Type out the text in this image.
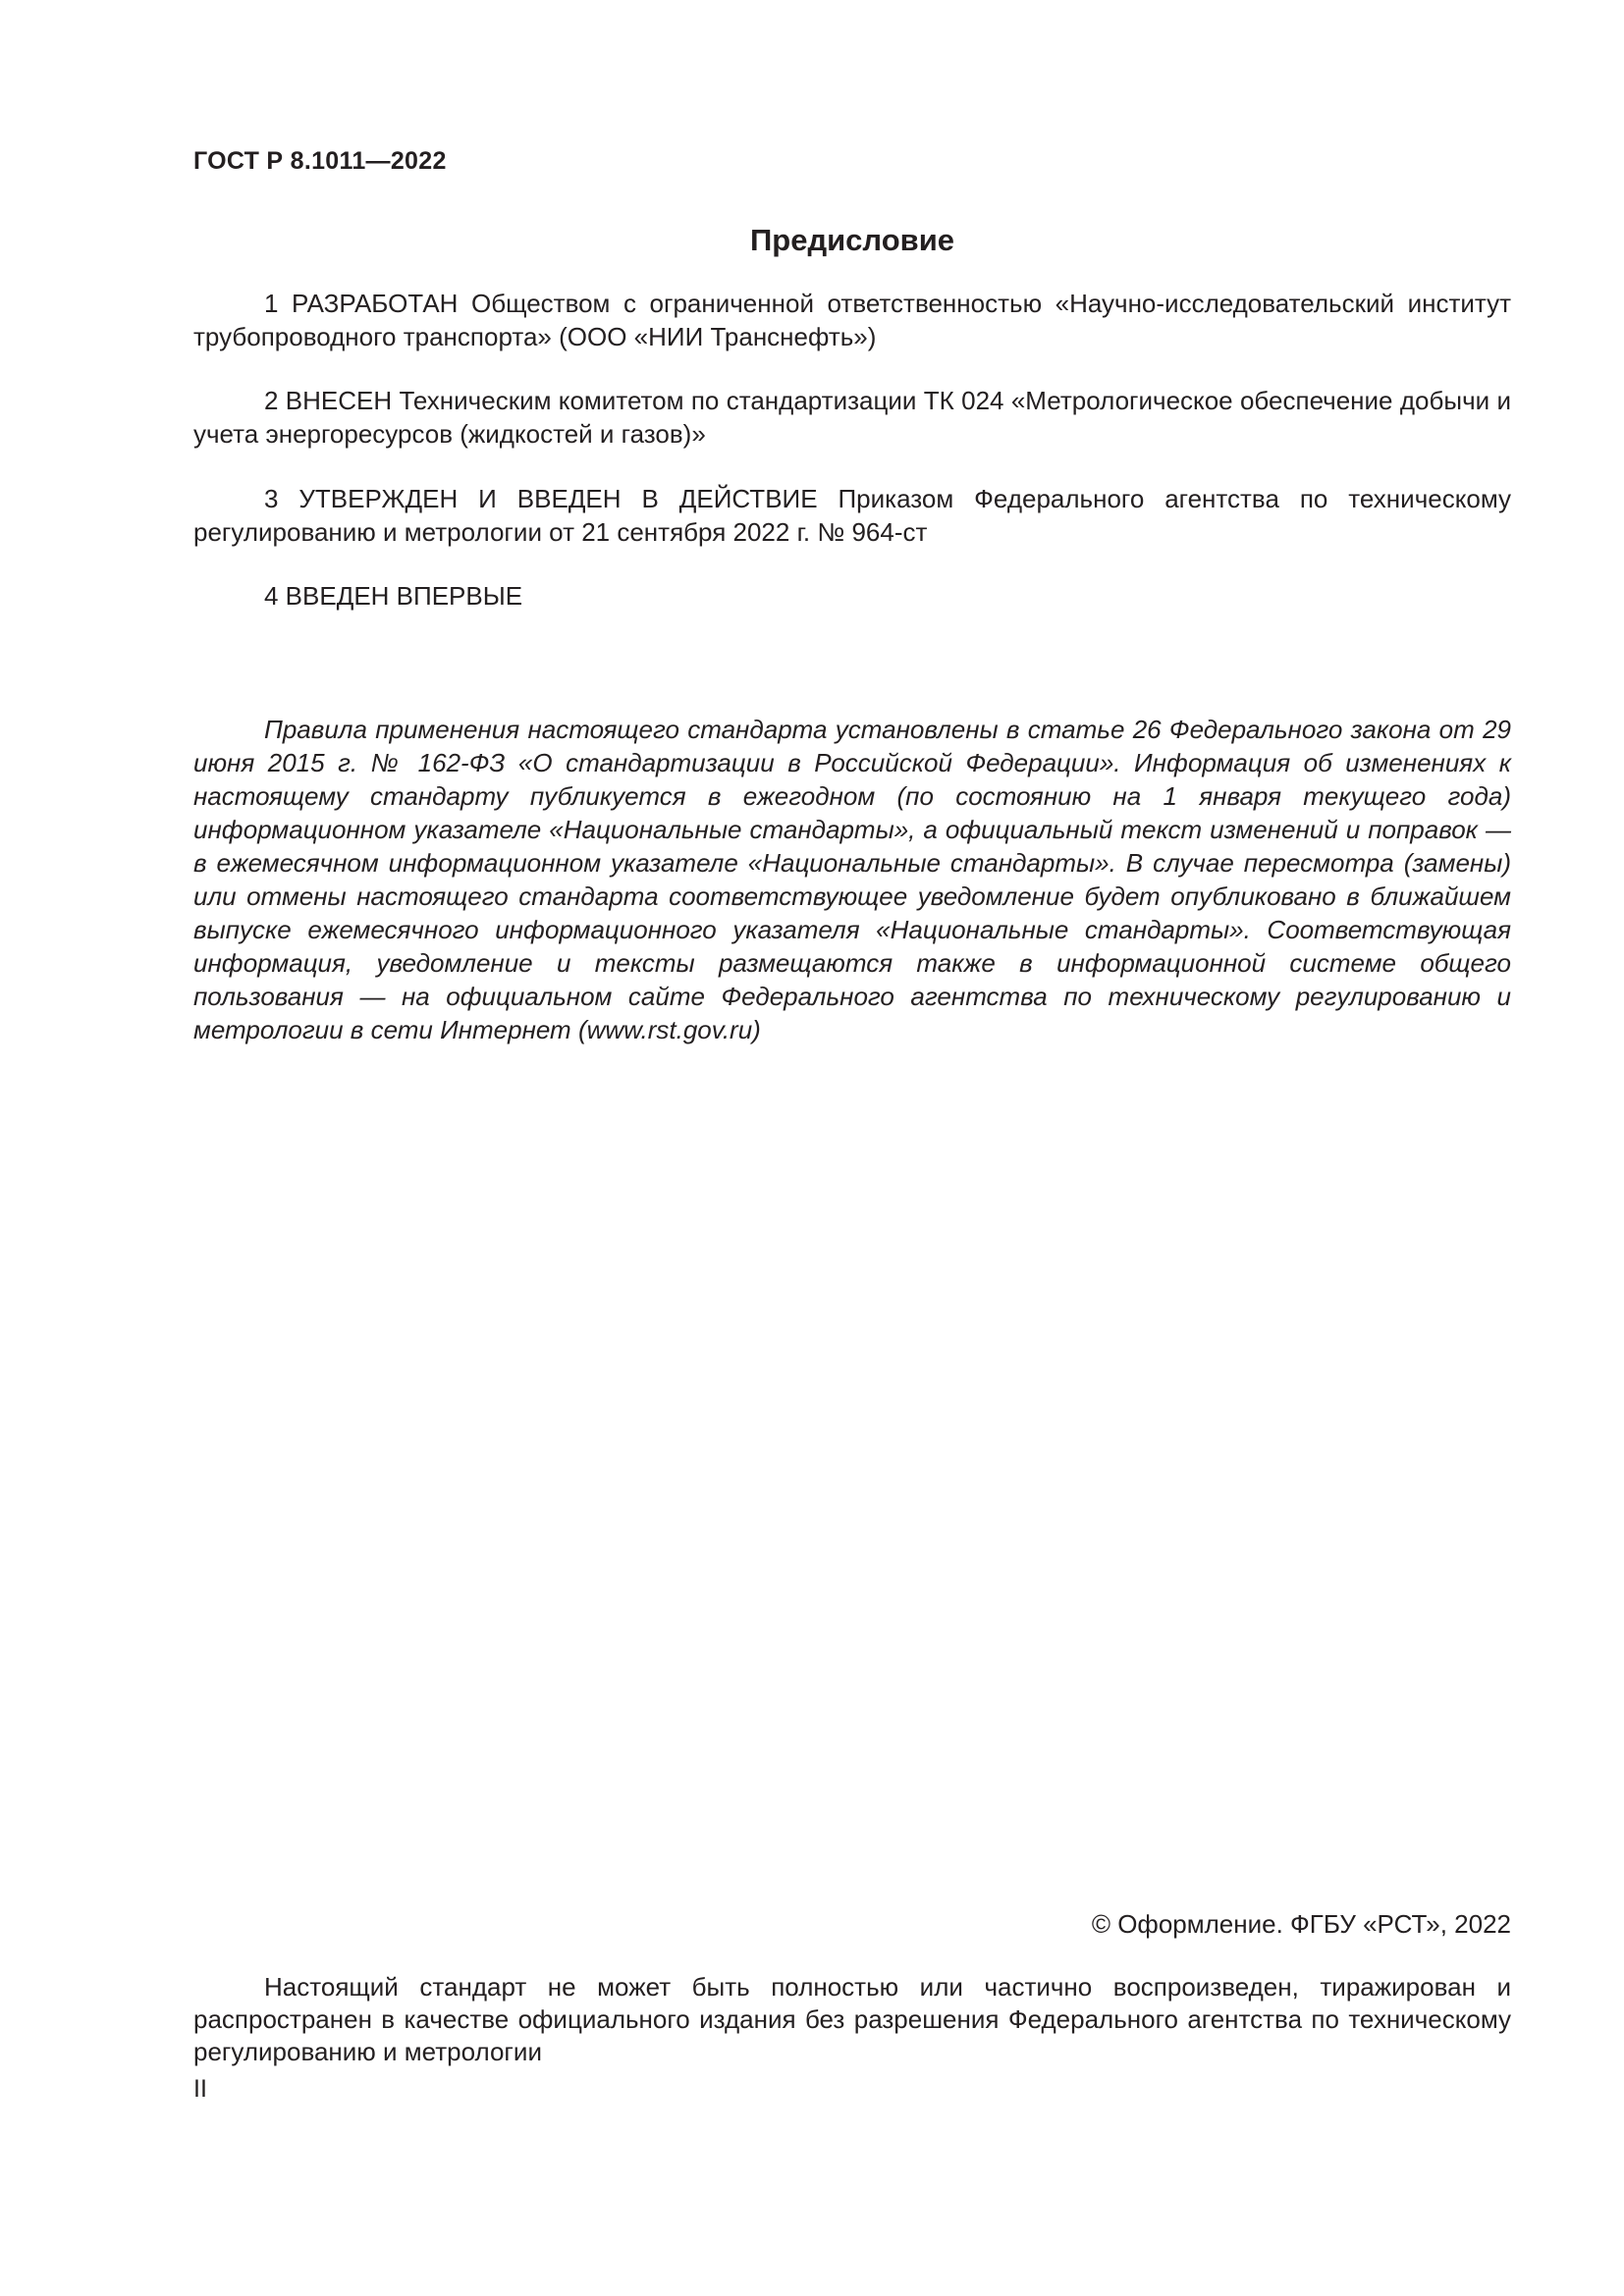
ГОСТ Р 8.1011—2022
Предисловие

1 РАЗРАБОТАН Обществом с ограниченной ответственностью «Научно-исследовательский институт трубопроводного транспорта» (ООО «НИИ Транснефть»)

2 ВНЕСЕН Техническим комитетом по стандартизации ТК 024 «Метрологическое обеспечение добычи и учета энергоресурсов (жидкостей и газов)»

3 УТВЕРЖДЕН И ВВЕДЕН В ДЕЙСТВИЕ Приказом Федерального агентства по техническому регулированию и метрологии от 21 сентября 2022 г. № 964-ст

4 ВВЕДЕН ВПЕРВЫЕ

Правила применения настоящего стандарта установлены в статье 26 Федерального закона от 29 июня 2015 г. № 162-ФЗ «О стандартизации в Российской Федерации». Информация об изменениях к настоящему стандарту публикуется в ежегодном (по состоянию на 1 января текущего года) информационном указателе «Национальные стандарты», а официальный текст изменений и поправок — в ежемесячном информационном указателе «Национальные стандарты». В случае пересмотра (замены) или отмены настоящего стандарта соответствующее уведомление будет опубликовано в ближайшем выпуске ежемесячного информационного указателя «Национальные стандарты». Соответствующая информация, уведомление и тексты размещаются также в информационной системе общего пользования — на официальном сайте Федерального агентства по техническому регулированию и метрологии в сети Интернет (www.rst.gov.ru)

© Оформление. ФГБУ «РСТ», 2022

Настоящий стандарт не может быть полностью или частично воспроизведен, тиражирован и распространен в качестве официального издания без разрешения Федерального агентства по техническому регулированию и метрологии

II
